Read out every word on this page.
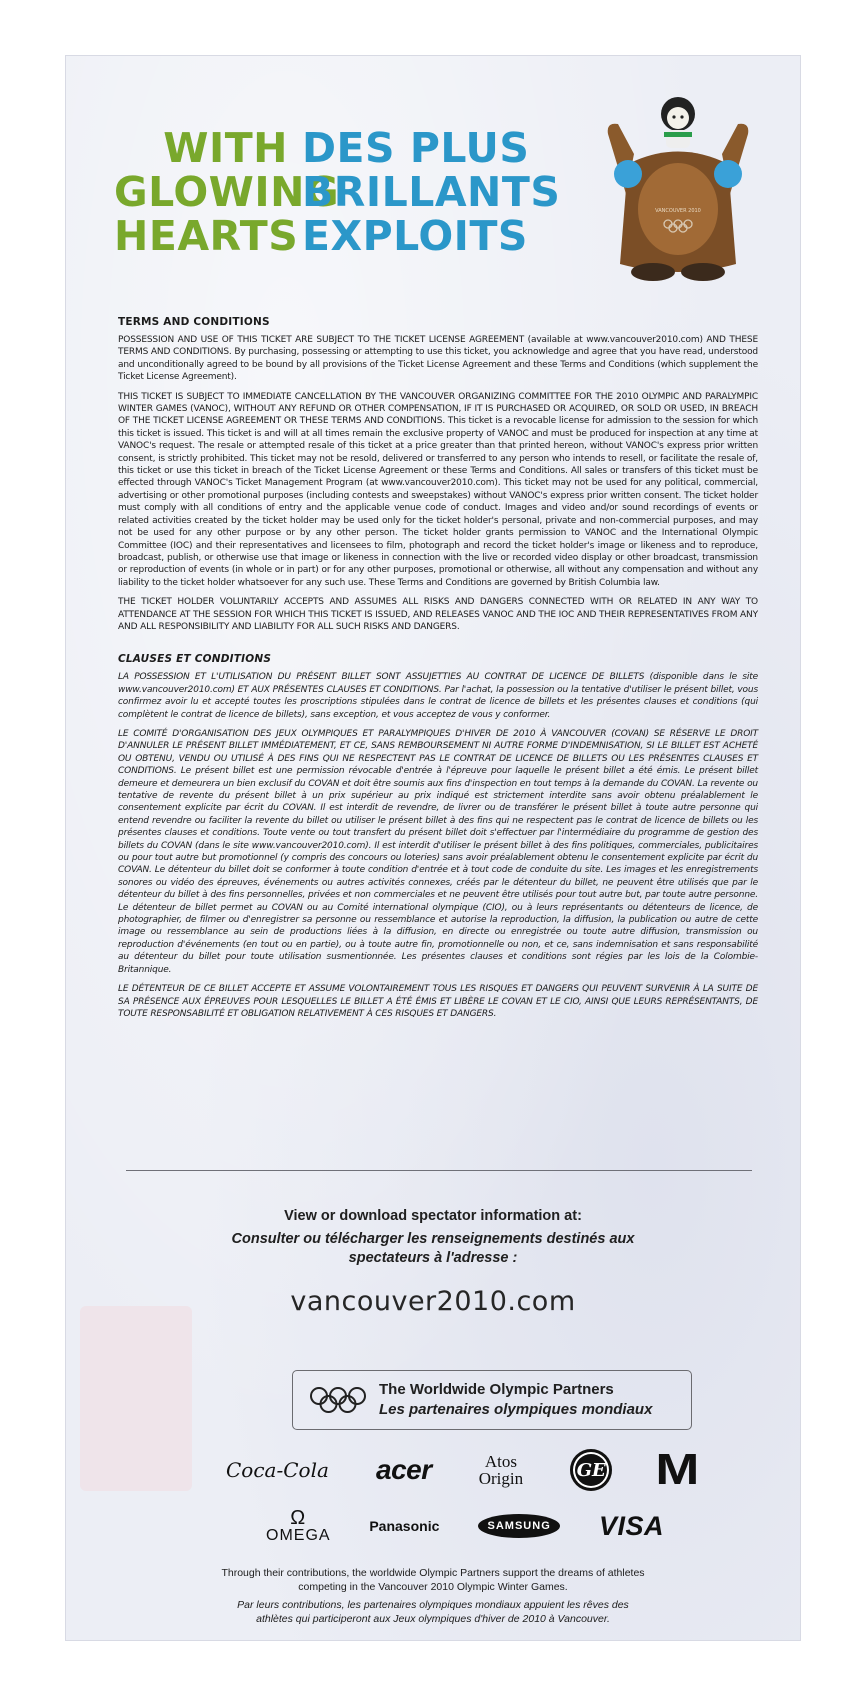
WITH DES PLUS
GLOWING
BRILLANTS
HEARTS EXPLOITS
VANCOUVER 2010
TERMS AND CONDITIONS

POSSESSION AND USE OF THIS TICKET ARE SUBJECT TO THE TICKET LICENSE AGREEMENT (available at www.vancouver2010.com) AND THESE TERMS AND CONDITIONS. By purchasing, possessing or attempting to use this ticket, you acknowledge and agree that you have read, understood and unconditionally agreed to be bound by all provisions of the Ticket License Agreement and these Terms and Conditions (which supplement the Ticket License Agreement).

THIS TICKET IS SUBJECT TO IMMEDIATE CANCELLATION BY THE VANCOUVER ORGANIZING COMMITTEE FOR THE 2010 OLYMPIC AND PARALYMPIC WINTER GAMES (VANOC), WITHOUT ANY REFUND OR OTHER COMPENSATION, IF IT IS PURCHASED OR ACQUIRED, OR SOLD OR USED, IN BREACH OF THE TICKET LICENSE AGREEMENT OR THESE TERMS AND CONDITIONS. This ticket is a revocable license for admission to the session for which this ticket is issued. This ticket is and will at all times remain the exclusive property of VANOC and must be produced for inspection at any time at VANOC's request. The resale or attempted resale of this ticket at a price greater than that printed hereon, without VANOC's express prior written consent, is strictly prohibited. This ticket may not be resold, delivered or transferred to any person who intends to resell, or facilitate the resale of, this ticket or use this ticket in breach of the Ticket License Agreement or these Terms and Conditions. All sales or transfers of this ticket must be effected through VANOC's Ticket Management Program (at www.vancouver2010.com). This ticket may not be used for any political, commercial, advertising or other promotional purposes (including contests and sweepstakes) without VANOC's express prior written consent. The ticket holder must comply with all conditions of entry and the applicable venue code of conduct. Images and video and/or sound recordings of events or related activities created by the ticket holder may be used only for the ticket holder's personal, private and non-commercial purposes, and may not be used for any other purpose or by any other person. The ticket holder grants permission to VANOC and the International Olympic Committee (IOC) and their representatives and licensees to film, photograph and record the ticket holder's image or likeness and to reproduce, broadcast, publish, or otherwise use that image or likeness in connection with the live or recorded video display or other broadcast, transmission or reproduction of events (in whole or in part) or for any other purposes, promotional or otherwise, all without any compensation and without any liability to the ticket holder whatsoever for any such use. These Terms and Conditions are governed by British Columbia law.

THE TICKET HOLDER VOLUNTARILY ACCEPTS AND ASSUMES ALL RISKS AND DANGERS CONNECTED WITH OR RELATED IN ANY WAY TO ATTENDANCE AT THE SESSION FOR WHICH THIS TICKET IS ISSUED, AND RELEASES VANOC AND THE IOC AND THEIR REPRESENTATIVES FROM ANY AND ALL RESPONSIBILITY AND LIABILITY FOR ALL SUCH RISKS AND DANGERS.

CLAUSES ET CONDITIONS

LA POSSESSION ET L'UTILISATION DU PRÉSENT BILLET SONT ASSUJETTIES AU CONTRAT DE LICENCE DE BILLETS (disponible dans le site www.vancouver2010.com) ET AUX PRÉSENTES CLAUSES ET CONDITIONS. Par l'achat, la possession ou la tentative d'utiliser le présent billet, vous confirmez avoir lu et accepté toutes les proscriptions stipulées dans le contrat de licence de billets et les présentes clauses et conditions (qui complètent le contrat de licence de billets), sans exception, et vous acceptez de vous y conformer.

LE COMITÉ D'ORGANISATION DES JEUX OLYMPIQUES ET PARALYMPIQUES D'HIVER DE 2010 À VANCOUVER (COVAN) SE RÉSERVE LE DROIT D'ANNULER LE PRÉSENT BILLET IMMÉDIATEMENT, ET CE, SANS REMBOURSEMENT NI AUTRE FORME D'INDEMNISATION, SI LE BILLET EST ACHETÉ OU OBTENU, VENDU OU UTILISÉ À DES FINS QUI NE RESPECTENT PAS LE CONTRAT DE LICENCE DE BILLETS OU LES PRÉSENTES CLAUSES ET CONDITIONS. Le présent billet est une permission révocable d'entrée à l'épreuve pour laquelle le présent billet a été émis. Le présent billet demeure et demeurera un bien exclusif du COVAN et doit être soumis aux fins d'inspection en tout temps à la demande du COVAN. La revente ou tentative de revente du présent billet à un prix supérieur au prix indiqué est strictement interdite sans avoir obtenu préalablement le consentement explicite par écrit du COVAN. Il est interdit de revendre, de livrer ou de transférer le présent billet à toute autre personne qui entend revendre ou faciliter la revente du billet ou utiliser le présent billet à des fins qui ne respectent pas le contrat de licence de billets ou les présentes clauses et conditions. Toute vente ou tout transfert du présent billet doit s'effectuer par l'intermédiaire du programme de gestion des billets du COVAN (dans le site www.vancouver2010.com). Il est interdit d'utiliser le présent billet à des fins politiques, commerciales, publicitaires ou pour tout autre but promotionnel (y compris des concours ou loteries) sans avoir préalablement obtenu le consentement explicite par écrit du COVAN. Le détenteur du billet doit se conformer à toute condition d'entrée et à tout code de conduite du site. Les images et les enregistrements sonores ou vidéo des épreuves, événements ou autres activités connexes, créés par le détenteur du billet, ne peuvent être utilisés que par le détenteur du billet à des fins personnelles, privées et non commerciales et ne peuvent être utilisés pour tout autre but, par toute autre personne. Le détenteur de billet permet au COVAN ou au Comité international olympique (CIO), ou à leurs représentants ou détenteurs de licence, de photographier, de filmer ou d'enregistrer sa personne ou ressemblance et autorise la reproduction, la diffusion, la publication ou autre de cette image ou ressemblance au sein de productions liées à la diffusion, en directe ou enregistrée ou toute autre diffusion, transmission ou reproduction d'événements (en tout ou en partie), ou à toute autre fin, promotionnelle ou non, et ce, sans indemnisation et sans responsabilité au détenteur du billet pour toute utilisation susmentionnée. Les présentes clauses et conditions sont régies par les lois de la Colombie-Britannique.

LE DÉTENTEUR DE CE BILLET ACCEPTE ET ASSUME VOLONTAIREMENT TOUS LES RISQUES ET DANGERS QUI PEUVENT SURVENIR À LA SUITE DE SA PRÉSENCE AUX ÉPREUVES POUR LESQUELLES LE BILLET A ÉTÉ ÉMIS ET LIBÈRE LE COVAN ET LE CIO, AINSI QUE LEURS REPRÉSENTANTS, DE TOUTE RESPONSABILITÉ ET OBLIGATION RELATIVEMENT À CES RISQUES ET DANGERS.

View or download spectator information at:
Consulter ou télécharger les renseignements destinés aux spectateurs à l'adresse :
vancouver2010.com
The Worldwide Olympic Partners
Les partenaires olympiques mondiaux
Coca-Cola acer	Atos
Origin	GE M
Ω
OMEGA
Panasonic	SAMSUNG	VISA
Through their contributions, the worldwide Olympic Partners support the dreams of athletes competing in the Vancouver 2010 Olympic Winter Games.
Par leurs contributions, les partenaires olympiques mondiaux appuient les rêves des athlètes qui participeront aux Jeux olympiques d'hiver de 2010 à Vancouver.
